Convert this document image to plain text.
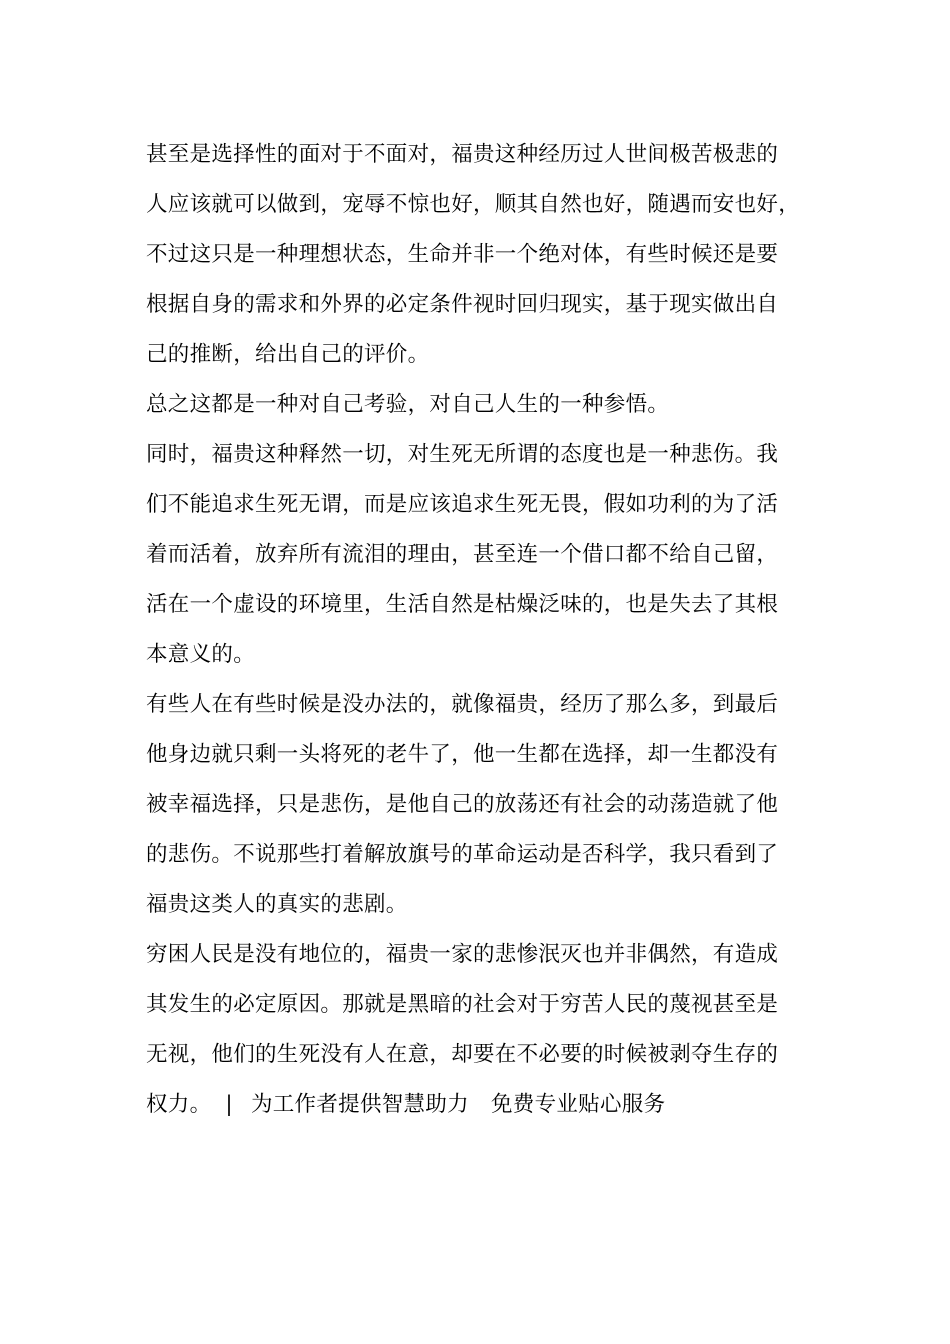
甚至是选择性的面对于不面对，福贵这种经历过人世间极苦极悲的
人应该就可以做到，宠辱不惊也好，顺其自然也好，随遇而安也好，
不过这只是一种理想状态，生命并非一个绝对体，有些时候还是要
根据自身的需求和外界的必定条件视时回归现实，基于现实做出自
己的推断，给出自己的评价。
总之这都是一种对自己考验，对自己人生的一种参悟。
同时，福贵这种释然一切，对生死无所谓的态度也是一种悲伤。我
们不能追求生死无谓，而是应该追求生死无畏，假如功利的为了活
着而活着，放弃所有流泪的理由，甚至连一个借口都不给自己留，
活在一个虚设的环境里，生活自然是枯燥泛味的，也是失去了其根
本意义的。
有些人在有些时候是没办法的，就像福贵，经历了那么多，到最后
他身边就只剩一头将死的老牛了，他一生都在选择，却一生都没有
被幸福选择，只是悲伤，是他自己的放荡还有社会的动荡造就了他
的悲伤。不说那些打着解放旗号的革命运动是否科学，我只看到了
福贵这类人的真实的悲剧。
穷困人民是没有地位的，福贵一家的悲惨泯灭也并非偶然，有造成
其发生的必定原因。那就是黑暗的社会对于穷苦人民的蔑视甚至是
无视，他们的生死没有人在意，却要在不必要的时候被剥夺生存的
权力。 | 为工作者提供智慧助力 免费专业贴心服务
